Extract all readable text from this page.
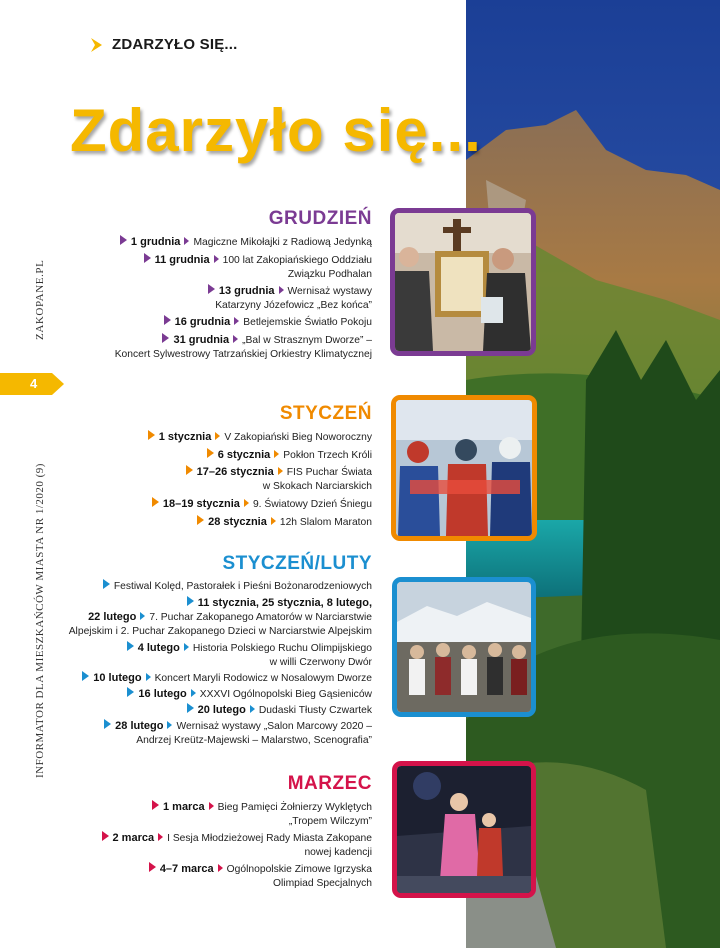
ZDARZYŁO SIĘ...
Zdarzyło się...
ZAKOPANE.PL
4
INFORMATOR DLA MIESZKAŃCÓW MIASTA NR 1/2020 (9)
GRUDZIEŃ
1 grudnia Magiczne Mikołajki z Radiową Jedynką
11 grudnia 100 lat Zakopiańskiego Oddziału
Związku Podhalan
13 grudnia Wernisaż wystawy
Katarzyny Józefowicz „Bez końca”
16 grudnia Betlejemskie Światło Pokoju
31 grudnia „Bal w Strasznym Dworze” –
Koncert Sylwestrowy Tatrzańskiej Orkiestry Klimatycznej
STYCZEŃ
1 stycznia V Zakopiański Bieg Noworoczny
6 stycznia Pokłon Trzech Króli
17–26 stycznia FIS Puchar Świata
w Skokach Narciarskich
18–19 stycznia 9. Światowy Dzień Śniegu
28 stycznia 12h Slalom Maraton
STYCZEŃ/LUTY
Festiwal Kolęd, Pastorałek i Pieśni Bożonarodzeniowych
11 stycznia, 25 stycznia, 8 lutego,
22 lutego 7. Puchar Zakopanego Amatorów w Narciarstwie
Alpejskim i 2. Puchar Zakopanego Dzieci w Narciarstwie Alpejskim
4 lutego Historia Polskiego Ruchu Olimpijskiego
w willi Czerwony Dwór
10 lutego Koncert Maryli Rodowicz w Nosalowym Dworze
16 lutego XXXVI Ogólnopolski Bieg Gąsieniców
20 lutego Dudaski Tłusty Czwartek
28 lutego Wernisaż wystawy „Salon Marcowy 2020 –
Andrzej Kreütz-Majewski – Malarstwo, Scenografia”
MARZEC
1 marca Bieg Pamięci Żołnierzy Wyklętych
„Tropem Wilczym”
2 marca I Sesja Młodzieżowej Rady Miasta Zakopane
nowej kadencji
4–7 marca Ogólnopolskie Zimowe Igrzyska
Olimpiad Specjalnych
